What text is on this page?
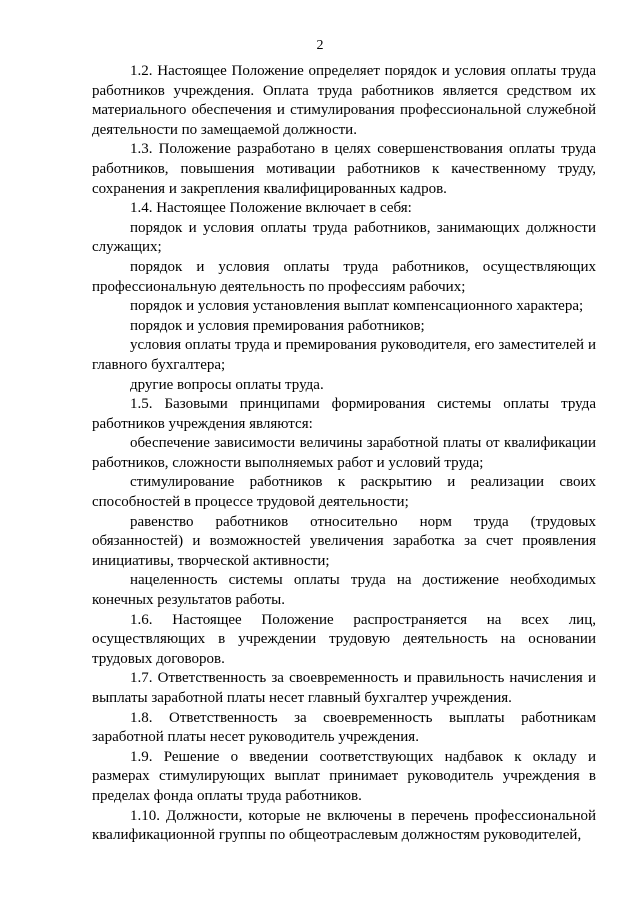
2

1.2. Настоящее Положение определяет порядок и условия оплаты труда работников учреждения. Оплата труда работников является средством их материального обеспечения и стимулирования профессиональной служебной деятельности по замещаемой должности.

1.3. Положение разработано в целях совершенствования оплаты труда работников, повышения мотивации работников к качественному труду, сохранения и закрепления квалифицированных кадров.

1.4. Настоящее Положение включает в себя:

порядок и условия оплаты труда работников, занимающих должности служащих;

порядок и условия оплаты труда работников, осуществляющих профессиональную деятельность по профессиям рабочих;

порядок и условия установления выплат компенсационного характера;

порядок и условия премирования работников;

условия оплаты труда и премирования руководителя, его заместителей и главного бухгалтера;

другие вопросы оплаты труда.

1.5. Базовыми принципами формирования системы оплаты труда работников учреждения являются:

обеспечение зависимости величины заработной платы от квалификации работников, сложности выполняемых работ и условий труда;

стимулирование работников к раскрытию и реализации своих способностей в процессе трудовой деятельности;

равенство работников относительно норм труда (трудовых обязанностей) и возможностей увеличения заработка за счет проявления инициативы, творческой активности;

нацеленность системы оплаты труда на достижение необходимых конечных результатов работы.

1.6. Настоящее Положение распространяется на всех лиц, осуществляющих в учреждении трудовую деятельность на основании трудовых договоров.

1.7. Ответственность за своевременность и правильность начисления и выплаты заработной платы несет главный бухгалтер учреждения.

1.8. Ответственность за своевременность выплаты работникам заработной платы несет руководитель учреждения.

1.9. Решение о введении соответствующих надбавок к окладу и размерах стимулирующих выплат принимает руководитель учреждения в пределах фонда оплаты труда работников.

1.10. Должности, которые не включены в перечень профессиональной квалификационной группы по общеотраслевым должностям руководителей,
